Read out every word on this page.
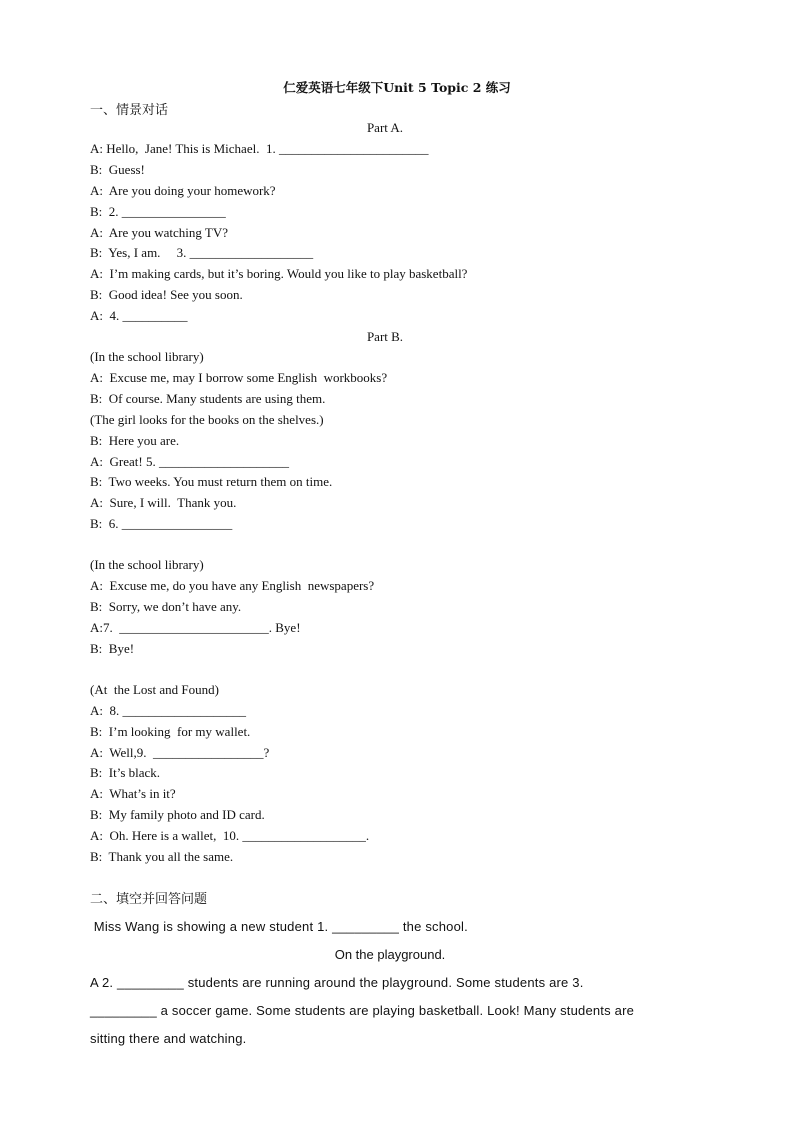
仁爱英语七年级下Unit 5 Topic 2 练习
一、情景对话
Part A.
A: Hello,  Jane! This is Michael.  1. _______________________
B:  Guess!
A:  Are you doing your homework?
B:  2. ________________
A:  Are you watching TV?
B:  Yes, I am.     3. ___________________
A:  I’m making cards, but it’s boring. Would you like to play basketball?
B:  Good idea! See you soon.
A:  4. __________
Part B.
(In the school library)
A:  Excuse me, may I borrow some English  workbooks?
B:  Of course. Many students are using them.
(The girl looks for the books on the shelves.)
B:  Here you are.
A:  Great! 5. ____________________
B:  Two weeks. You must return them on time.
A:  Sure, I will.  Thank you.
B:  6. _________________
(In the school library)
A:  Excuse me, do you have any English  newspapers?
B:  Sorry, we don’t have any.
A:7.  _______________________. Bye!
B:  Bye!
(At  the Lost and Found)
A:  8. ___________________
B:  I’m looking  for my wallet.
A:  Well,9.  _________________?
B:  It’s black.
A:  What’s in it?
B:  My family photo and ID card.
A:  Oh. Here is a wallet,  10. ___________________.
B:  Thank you all the same.
二、填空并回答问题
Miss Wang is showing a new student 1. _________ the school.
On the playground.
A 2. _________ students are running around the playground. Some students are 3.
_________ a soccer game. Some students are playing basketball. Look! Many students are
sitting there and watching.
